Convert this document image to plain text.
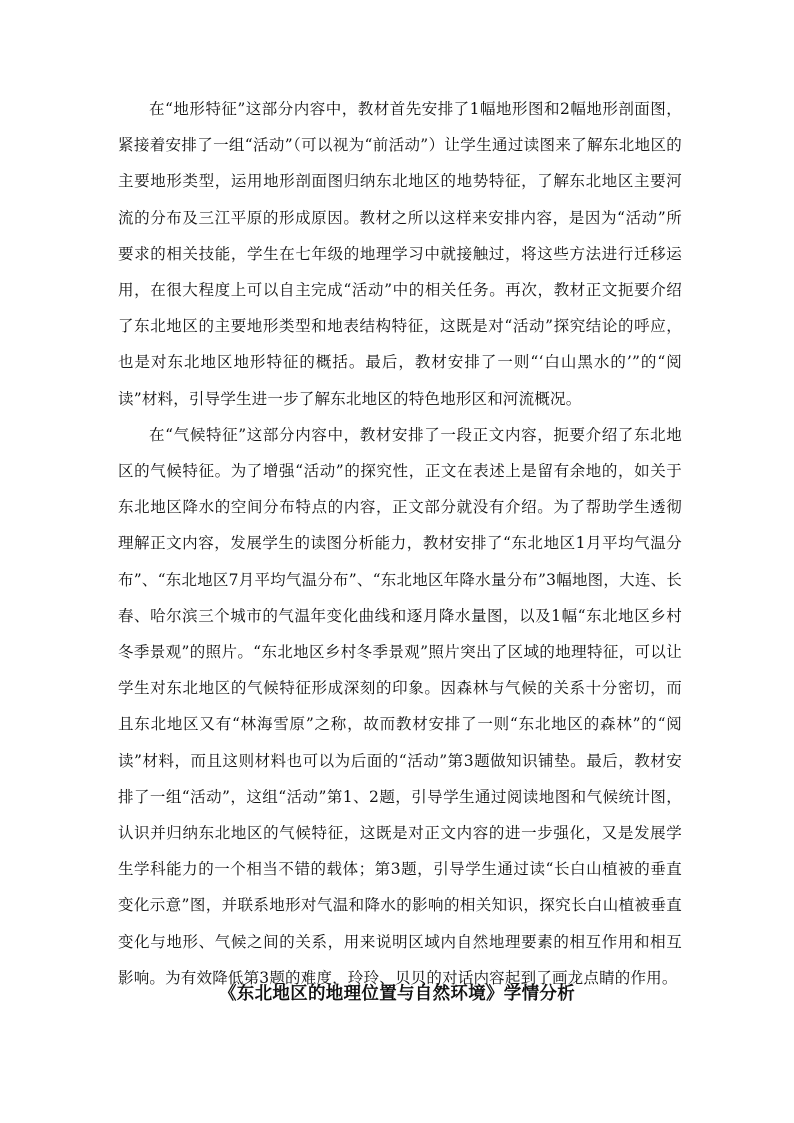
在“地形特征”这部分内容中，教材首先安排了1幅地形图和2幅地形剖面图，紧接着安排了一组“活动”（可以视为“前活动”）让学生通过读图来了解东北地区的主要地形类型，运用地形剖面图归纳东北地区的地势特征，了解东北地区主要河流的分布及三江平原的形成原因。教材之所以这样来安排内容，是因为“活动”所要求的相关技能，学生在七年级的地理学习中就接触过，将这些方法进行迁移运用，在很大程度上可以自主完成“活动”中的相关任务。再次，教材正文扼要介绍了东北地区的主要地形类型和地表结构特征，这既是对“活动”探究结论的呼应，也是对东北地区地形特征的概括。最后，教材安排了一则“‘白山黑水的’”的“阅读”材料，引导学生进一步了解东北地区的特色地形区和河流概况。

在“气候特征”这部分内容中，教材安排了一段正文内容，扼要介绍了东北地区的气候特征。为了增强“活动”的探究性，正文在表述上是留有余地的，如关于东北地区降水的空间分布特点的内容，正文部分就没有介绍。为了帮助学生透彻理解正文内容，发展学生的读图分析能力，教材安排了“东北地区1月平均气温分布”、“东北地区7月平均气温分布”、“东北地区年降水量分布”3幅地图，大连、长春、哈尔滨三个城市的气温年变化曲线和逐月降水量图，以及1幅“东北地区乡村冬季景观”的照片。“东北地区乡村冬季景观”照片突出了区域的地理特征，可以让学生对东北地区的气候特征形成深刻的印象。因森林与气候的关系十分密切，而且东北地区又有“林海雪原”之称，故而教材安排了一则“东北地区的森林”的“阅读”材料，而且这则材料也可以为后面的“活动”第3题做知识铺垫。最后，教材安排了一组“活动”，这组“活动”第1、2题，引导学生通过阅读地图和气候统计图，认识并归纳东北地区的气候特征，这既是对正文内容的进一步强化，又是发展学生学科能力的一个相当不错的载体；第3题，引导学生通过读“长白山植被的垂直变化示意”图，并联系地形对气温和降水的影响的相关知识，探究长白山植被垂直变化与地形、气候之间的关系，用来说明区域内自然地理要素的相互作用和相互影响。为有效降低第3题的难度，玲玲、贝贝的对话内容起到了画龙点睛的作用。

《东北地区的地理位置与自然环境》学情分析
